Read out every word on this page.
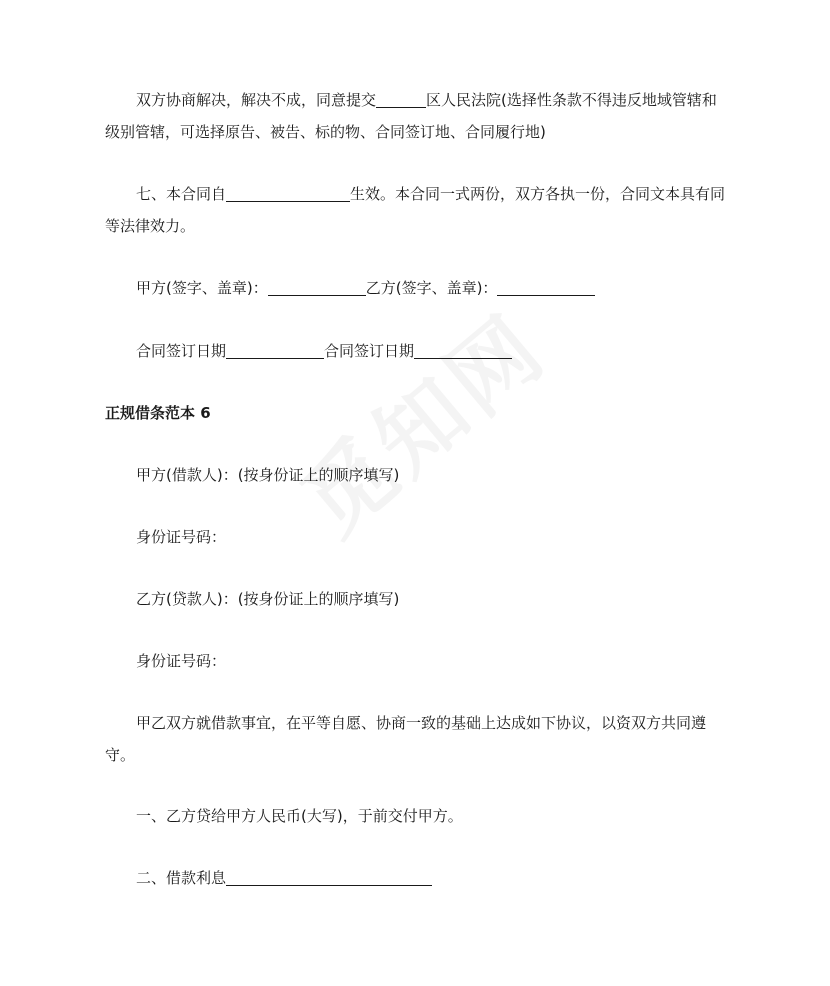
双方协商解决，解决不成，同意提交	区人民法院(选择性条款不得违反地域管辖和级别管辖，可选择原告、被告、标的物、合同签订地、合同履行地)

七、本合同自	生效。本合同一式两份，双方各执一份，合同文本具有同等法律效力。

甲方(签字、盖章)：	乙方(签字、盖章)：

合同签订日期	合同签订日期

正规借条范本 6

甲方(借款人)：(按身份证上的顺序填写)

身份证号码：

乙方(贷款人)：(按身份证上的顺序填写)

身份证号码：

甲乙双方就借款事宜，在平等自愿、协商一致的基础上达成如下协议，以资双方共同遵守。

一、乙方贷给甲方人民币(大写)，于前交付甲方。

二、借款利息
